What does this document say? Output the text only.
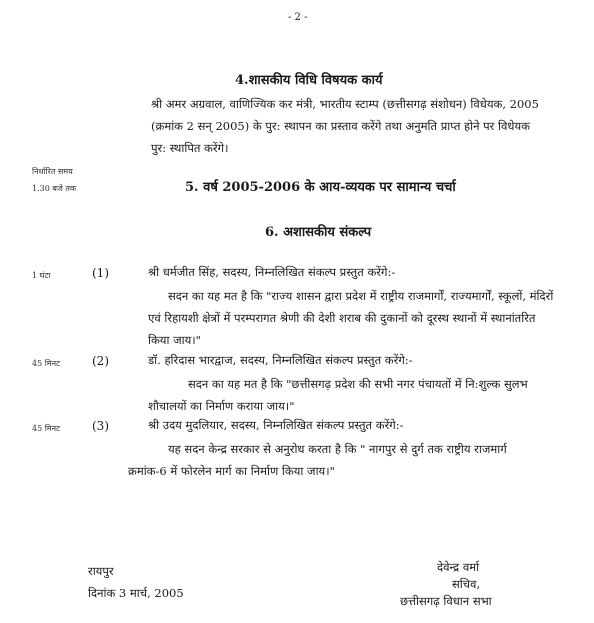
- 2 -
4.शासकीय विधि विषयक कार्य
श्री अमर अग्रवाल, वाणिज्यिक कर मंत्री, भारतीय स्टाम्प (छत्तीसगढ़ संशोधन) विधेयक, 2005
(क्रमांक 2 सन् 2005) के पुर: स्थापन का प्रस्ताव करेंगे तथा अनुमति प्राप्त होने पर विधेयक
पुर: स्थापित करेंगे।
निर्धारित समय
1.30 बजे तक	5. वर्ष 2005-2006 के आय-व्ययक पर सामान्य चर्चा
6. अशासकीय संकल्प
1 घंटा	(1)	श्री धर्मजीत सिंह, सदस्य, निम्नलिखित संकल्प प्रस्तुत करेंगे:-
सदन का यह मत है कि "राज्य शासन द्वारा प्रदेश में राष्ट्रीय राजमार्गों, राज्यमार्गों, स्कूलों, मंदिरों
एवं रिहायशी क्षेत्रों में परम्परागत श्रेणी की देशी शराब की दुकानों को दूरस्थ स्थानों में स्थानांतरित
किया जाय।"
45 मिनट	(2)	डॉ. हरिदास भारद्वाज, सदस्य, निम्नलिखित संकल्प प्रस्तुत करेंगे:-
सदन का यह मत है कि "छत्तीसगढ़ प्रदेश की सभी नगर पंचायतों में नि:शुल्क सुलभ
शौचालयों का निर्माण कराया जाय।"
45 मिनट	(3)	श्री उदय मुदलियार, सदस्य, निम्नलिखित संकल्प प्रस्तुत करेंगे:-
यह सदन केन्द्र सरकार से अनुरोध करता है कि " नागपुर से दुर्ग तक राष्ट्रीय राजमार्ग
क्रमांक-6 में फोरलेन मार्ग का निर्माण किया जाय।"
रायपुर
दिनांक 3 मार्च, 2005
देवेन्द्र वर्मा
सचिव,
छत्तीसगढ़ विधान सभा
